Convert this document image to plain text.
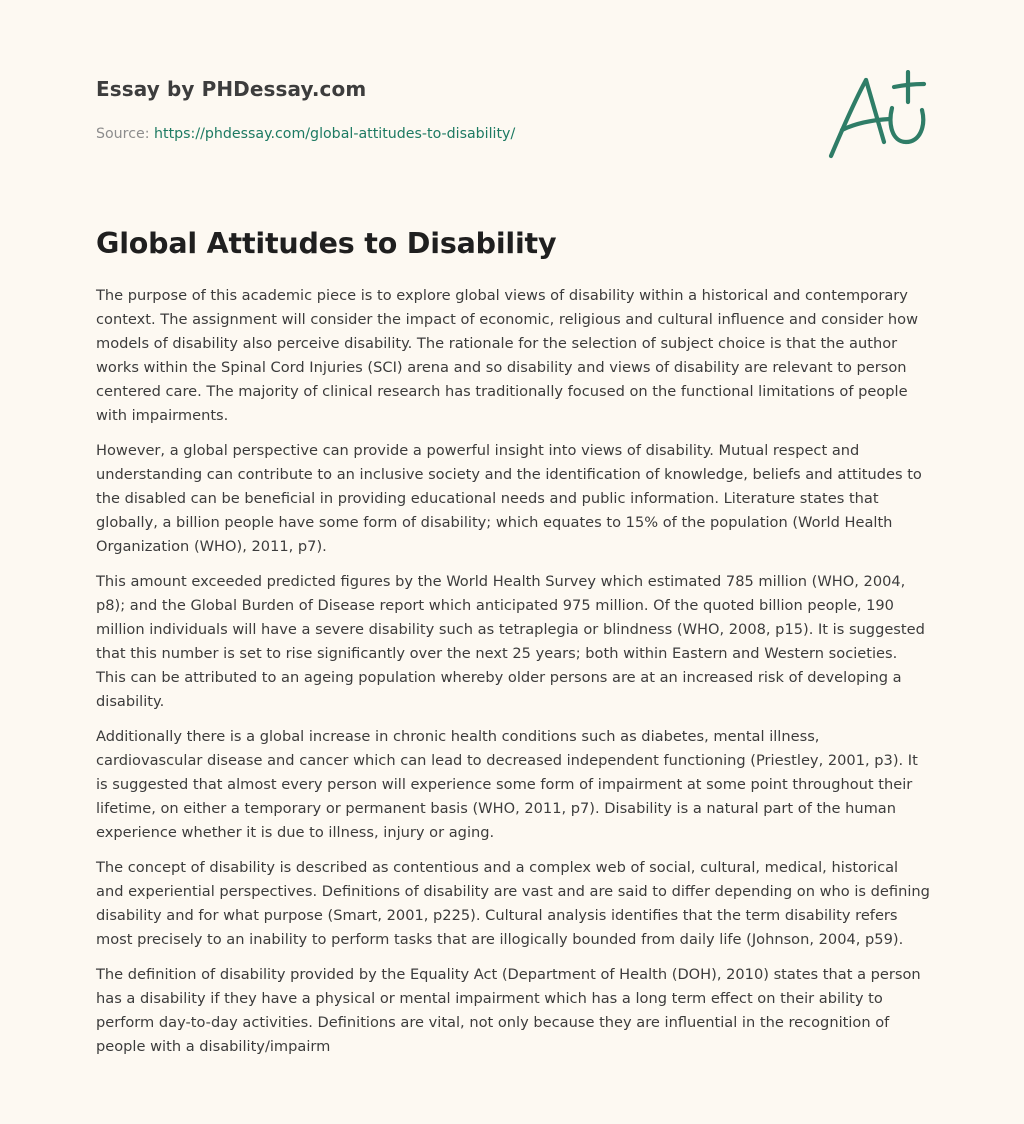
Essay by PHDessay.com
Source: https://phdessay.com/global-attitudes-to-disability/
Global Attitudes to Disability

The purpose of this academic piece is to explore global views of disability within a historical and contemporary context. The assignment will consider the impact of economic, religious and cultural influence and consider how models of disability also perceive disability. The rationale for the selection of subject choice is that the author works within the Spinal Cord Injuries (SCI) arena and so disability and views of disability are relevant to person centered care. The majority of clinical research has traditionally focused on the functional limitations of people with impairments.

However, a global perspective can provide a powerful insight into views of disability. Mutual respect and understanding can contribute to an inclusive society and the identification of knowledge, beliefs and attitudes to the disabled can be beneficial in providing educational needs and public information. Literature states that globally, a billion people have some form of disability; which equates to 15% of the population (World Health Organization (WHO), 2011, p7).

This amount exceeded predicted figures by the World Health Survey which estimated 785 million (WHO, 2004, p8); and the Global Burden of Disease report which anticipated 975 million. Of the quoted billion people, 190 million individuals will have a severe disability such as tetraplegia or blindness (WHO, 2008, p15). It is suggested that this number is set to rise significantly over the next 25 years; both within Eastern and Western societies. This can be attributed to an ageing population whereby older persons are at an increased risk of developing a disability.

Additionally there is a global increase in chronic health conditions such as diabetes, mental illness, cardiovascular disease and cancer which can lead to decreased independent functioning (Priestley, 2001, p3). It is suggested that almost every person will experience some form of impairment at some point throughout their lifetime, on either a temporary or permanent basis (WHO, 2011, p7). Disability is a natural part of the human experience whether it is due to illness, injury or aging.

The concept of disability is described as contentious and a complex web of social, cultural, medical, historical and experiential perspectives. Definitions of disability are vast and are said to differ depending on who is defining disability and for what purpose (Smart, 2001, p225). Cultural analysis identifies that the term disability refers most precisely to an inability to perform tasks that are illogically bounded from daily life (Johnson, 2004, p59).

The definition of disability provided by the Equality Act (Department of Health (DOH), 2010) states that a person has a disability if they have a physical or mental impairment which has a long term effect on their ability to perform day-to-day activities. Definitions are vital, not only because they are influential in the recognition of people with a disability/impairm
